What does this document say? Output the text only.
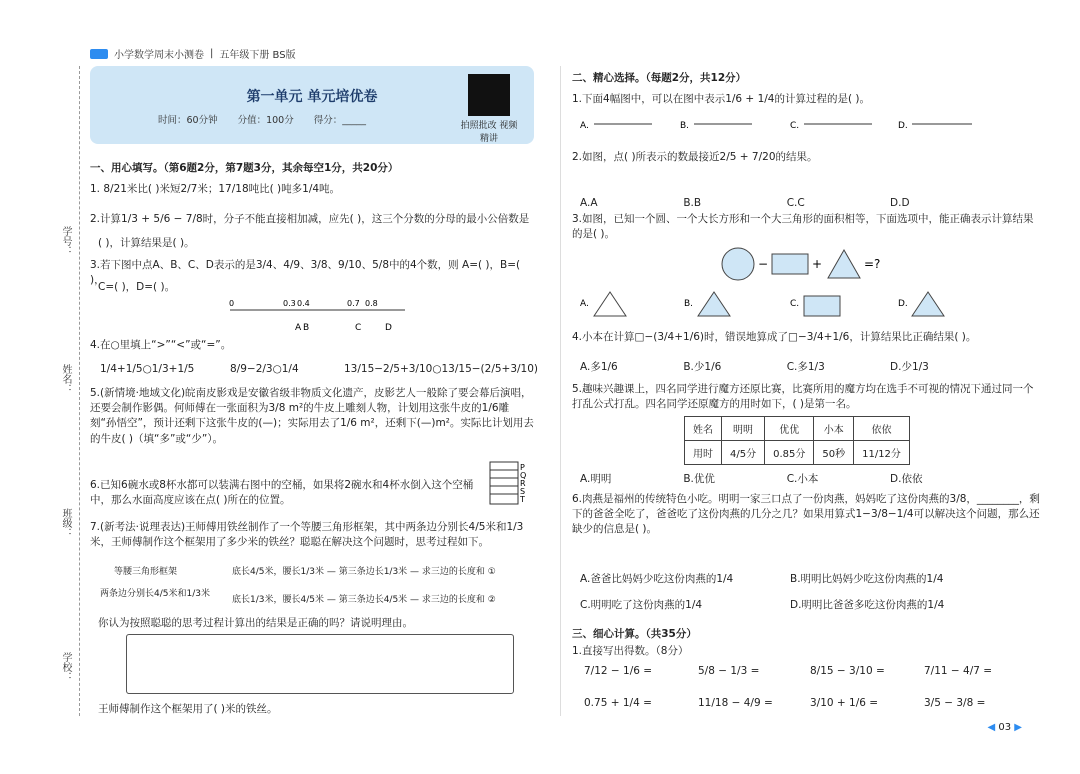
小学数学周末小测卷 | 五年级下册 BS版
第一单元 单元培优卷
时间：60分钟 分值：100分 得分：_____	拍照批改 视频精讲
学号：
姓名：
班级：
学校：
一、用心填写。（第6题2分，第7题3分，其余每空1分，共20分）
1. 8/21米比( )米短2/7米；17/18吨比( )吨多1/4吨。
2.计算1/3 + 5/6 − 7/8时，分子不能直接相加减，应先( )，这三个分数的分母的最小公倍数是
( )，计算结果是( )。
3.若下图中点A、B、C、D表示的是3/4、4/9、3/8、9/10、5/8中的4个数，则 A=( )，B=( )，
C=( )，D=( )。
0	0.3 0.4	0.7 0.8
A B	C	D
4.在○里填上“>”“<”或“=”。
1/4+1/5○1/3+1/5	8/9−2/3○1/4	13/15−2/5+3/10○13/15−(2/5+3/10)
5.(新情境·地域文化)皖南皮影戏是安徽省级非物质文化遗产，皮影艺人一般除了要会幕后演唱，还要会制作影偶。何师傅在一张面积为3/8 m²的牛皮上雕刻人物，计划用这张牛皮的1/6雕刻“孙悟空”，预计还剩下这张牛皮的(—)；实际用去了1/6 m²，还剩下(—)m²。实际比计划用去的牛皮( )（填“多”或“少”）。
6.已知6碗水或8杯水都可以装满右图中的空桶，如果将2碗水和4杯水倒入这个空桶中，那么水面高度应该在点( )所在的位置。
P
Q
R
S
T
7.(新考法·说理表达)王师傅用铁丝制作了一个等腰三角形框架，其中两条边分别长4/5米和1/3米，王师傅制作这个框架用了多少米的铁丝？聪聪在解决这个问题时，思考过程如下。
等腰三角形框架
两条边分别长4/5米和1/3米
底长4/5米，腰长1/3米 — 第三条边长1/3米 — 求三边的长度和 ①
底长1/3米，腰长4/5米 — 第三条边长4/5米 — 求三边的长度和 ②
你认为按照聪聪的思考过程计算出的结果是正确的吗？请说明理由。
王师傅制作这个框架用了( )米的铁丝。
二、精心选择。（每题2分，共12分）
1.下面4幅图中，可以在图中表示1/6 + 1/4的计算过程的是( )。
A.	B.	C.	D.
2.如图，点( )所表示的数最接近2/5 + 7/20的结果。
A.A	B.B	C.C	D.D
3.如图，已知一个圆、一个大长方形和一个大三角形的面积相等，下面选项中，能正确表示计算结果的是( )。
−	+	=?
A.	B.	C.	D.
4.小本在计算□−(3/4+1/6)时，错误地算成了□−3/4+1/6，计算结果比正确结果( )。
A.多1/6	B.少1/6	C.多1/3	D.少1/3
5.趣味兴趣课上，四名同学进行魔方还原比赛，比赛所用的魔方均在选手不可视的情况下通过同一个打乱公式打乱。四名同学还原魔方的用时如下，( )是第一名。
姓名	明明	优优	小本	依依
用时	4/5分	0.85分	50秒	11/12分
A.明明	B.优优	C.小本	D.依依
6.肉燕是福州的传统特色小吃。明明一家三口点了一份肉燕，妈妈吃了这份肉燕的3/8，________，剩下的爸爸全吃了，爸爸吃了这份肉燕的几分之几？如果用算式1−3/8−1/4可以解决这个问题，那么还缺少的信息是( )。
A.爸爸比妈妈少吃这份肉燕的1/4	B.明明比妈妈少吃这份肉燕的1/4
C.明明吃了这份肉燕的1/4	D.明明比爸爸多吃这份肉燕的1/4
三、细心计算。（共35分）
1.直接写出得数。（8分）
7/12 − 1/6 =	5/8 − 1/3 =	8/15 − 3/10 =	7/11 − 4/7 =
0.75 + 1/4 =	11/18 − 4/9 =	3/10 + 1/6 =	3/5 − 3/8 =
◀ 03 ▶
